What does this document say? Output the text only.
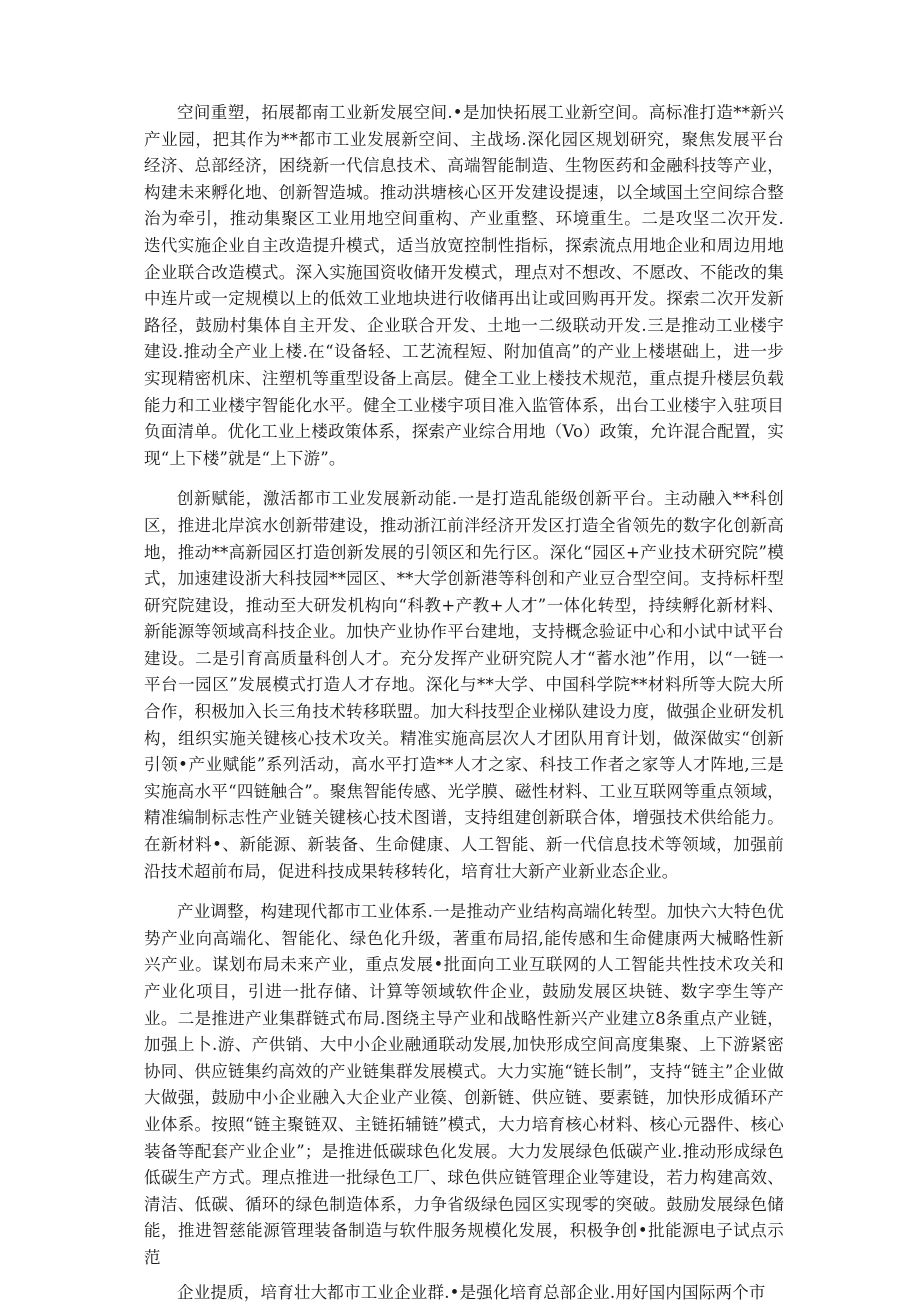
空间重塑，拓展都南工业新发展空间.•是加快拓展工业新空间。高标准打造**新兴产业园，把其作为**都市工业发展新空间、主战场.深化园区规划研究，聚焦发展平台经济、总部经济，困绕新一代信息技术、高端智能制造、生物医药和金融科技等产业，构建未来孵化地、创新智造城。推动洪塘核心区开发建设提速，以全域国土空间综合整治为牵引，推动集聚区工业用地空间重构、产业重整、环境重生。二是攻坚二次开发.迭代实施企业自主改造提升模式，适当放宽控制性指标，探索流点用地企业和周边用地企业联合改造模式。深入实施国资收储开发模式，理点对不想改、不愿改、不能改的集中连片或一定规模以上的低效工业地块进行收储再出让或回购再开发。探索二次开发新路径，鼓励村集体自主开发、企业联合开发、土地一二级联动开发.三是推动工业楼宇建设.推动全产业上楼.在“设备轻、工艺流程短、附加值高”的产业上楼堪础上，进一步实现精密机床、注塑机等重型设备上高层。健全工业上楼技术规范，重点提升楼层负载能力和工业楼宇智能化水平。健全工业楼宇项目准入监管体系，出台工业楼宇入驻项目负面清单。优化工业上楼政策体系，探索产业综合用地（Vo）政策，允许混合配置，实现“上下楼”就是“上下游”。

创新赋能，激活都市工业发展新动能.一是打造乱能级创新平台。主动融入**科创区，推进北岸滨水创新带建设，推动浙江前泮经济开发区打造全省领先的数字化创新高地，推动**高新园区打造创新发展的引领区和先行区。深化“园区+产业技术研究院”模式，加速建设浙大科技园**园区、**大学创新港等科创和产业豆合型空间。支持标杆型研究院建设，推动至大研发机构向“科教+产教+人才”一体化转型，持续孵化新材料、新能源等领域高科技企业。加快产业协作平台建地，支持概念验证中心和小试中试平台建设。二是引育高质量科创人才。充分发挥产业研究院人才“蓄水池”作用，以“一链一平台一园区”发展模式打造人才存地。深化与**大学、中国科学院**材料所等大院大所合作，积极加入长三角技术转移联盟。加大科技型企业梯队建设力度，做强企业研发机构，组织实施关键核心技术攻关。精准实施高层次人才团队用育计划，做深做实“创新引领•产业赋能”系列活动，高水平打造**人才之家、科技工作者之家等人才阵地,三是实施高水平“四链触合”。聚焦智能传感、光学膜、磁性材料、工业互联网等重点领域，精准编制标志性产业链关键核心技术图谱，支持组建创新联合体，增强技术供给能力。在新材料•、新能源、新装备、生命健康、人工智能、新一代信息技术等领域，加强前沿技术超前布局，促进科技成果转移转化，培育壮大新产业新业态企业。

产业调整，构建现代都市工业体系.一是推动产业结构高端化转型。加快六大特色优势产业向高端化、智能化、绿色化升级，著重布局招,能传感和生命健康两大械略性新兴产业。谋划布局未来产业，重点发展•批面向工业互联网的人工智能共性技术攻关和产业化项目，引进一批存储、计算等领域软件企业，鼓励发展区块链、数字孪生等产业。二是推进产业集群链式布局.图绕主导产业和战略性新兴产业建立8条重点产业链，加强上卜.游、产供销、大中小企业融通联动发展,加快形成空间高度集聚、上下游紧密协同、供应链集约高效的产业链集群发展模式。大力实施“链长制”，支持“链主”企业做大做强，鼓励中小企业融入大企业产业篌、创新链、供应链、要素链，加快形成循环产业体系。按照“链主聚链双、主链拓辅链”模式，大力培育核心材料、核心元器件、核心装备等配套产业企业”；是推进低碳球色化发展。大力发展绿色低碳产业.推动形成绿色低碳生产方式。理点推进一批绿色工厂、球色供应链管理企业等建设，若力构建高效、清洁、低碳、循环的绿色制造体系，力争省级绿色园区实现零的突破。鼓励发展绿色储能，推进智慈能源管理装备制造与软件服务规模化发展，积极争创•批能源电子试点示范

企业提质，培育壮大都市工业企业群.•是强化培育总部企业.用好国内国际两个市
